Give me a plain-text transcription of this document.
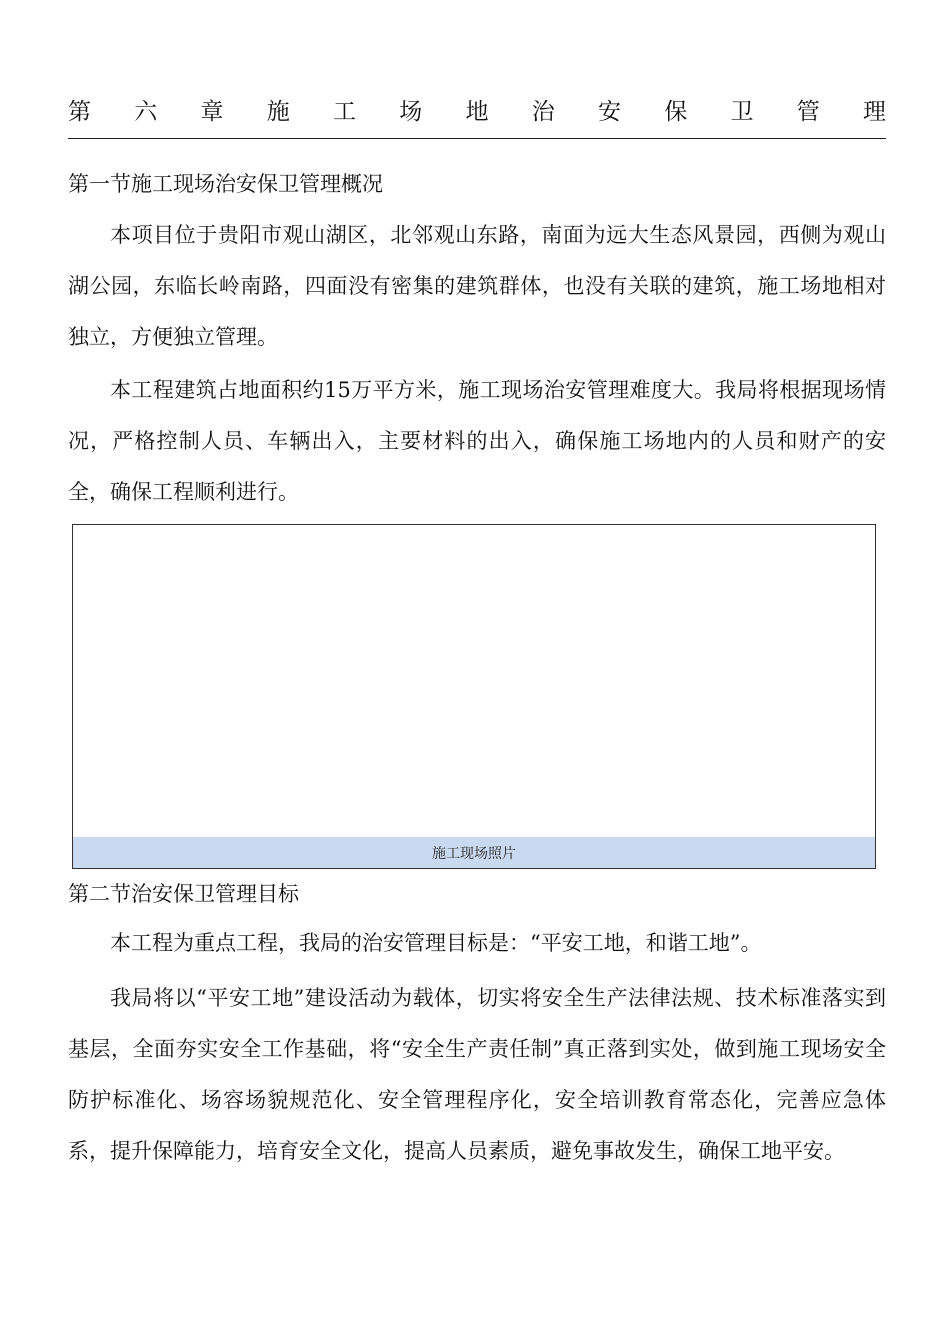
第 六 章 施 工 场 地 治 安 保 卫 管 理
第一节施工现场治安保卫管理概况

本项目位于贵阳市观山湖区，北邻观山东路，南面为远大生态风景园，西侧为观山湖公园，东临长岭南路，四面没有密集的建筑群体，也没有关联的建筑，施工场地相对独立，方便独立管理。

本工程建筑占地面积约15万平方米，施工现场治安管理难度大。我局将根据现场情况，严格控制人员、车辆出入，主要材料的出入，确保施工场地内的人员和财产的安全，确保工程顺利进行。

施工现场照片
第二节治安保卫管理目标

本工程为重点工程，我局的治安管理目标是：“平安工地，和谐工地”。

我局将以“平安工地”建设活动为载体，切实将安全生产法律法规、技术标准落实到基层，全面夯实安全工作基础，将“安全生产责任制”真正落到实处，做到施工现场安全防护标准化、场容场貌规范化、安全管理程序化，安全培训教育常态化，完善应急体系，提升保障能力，培育安全文化，提高人员素质，避免事故发生，确保工地平安。
